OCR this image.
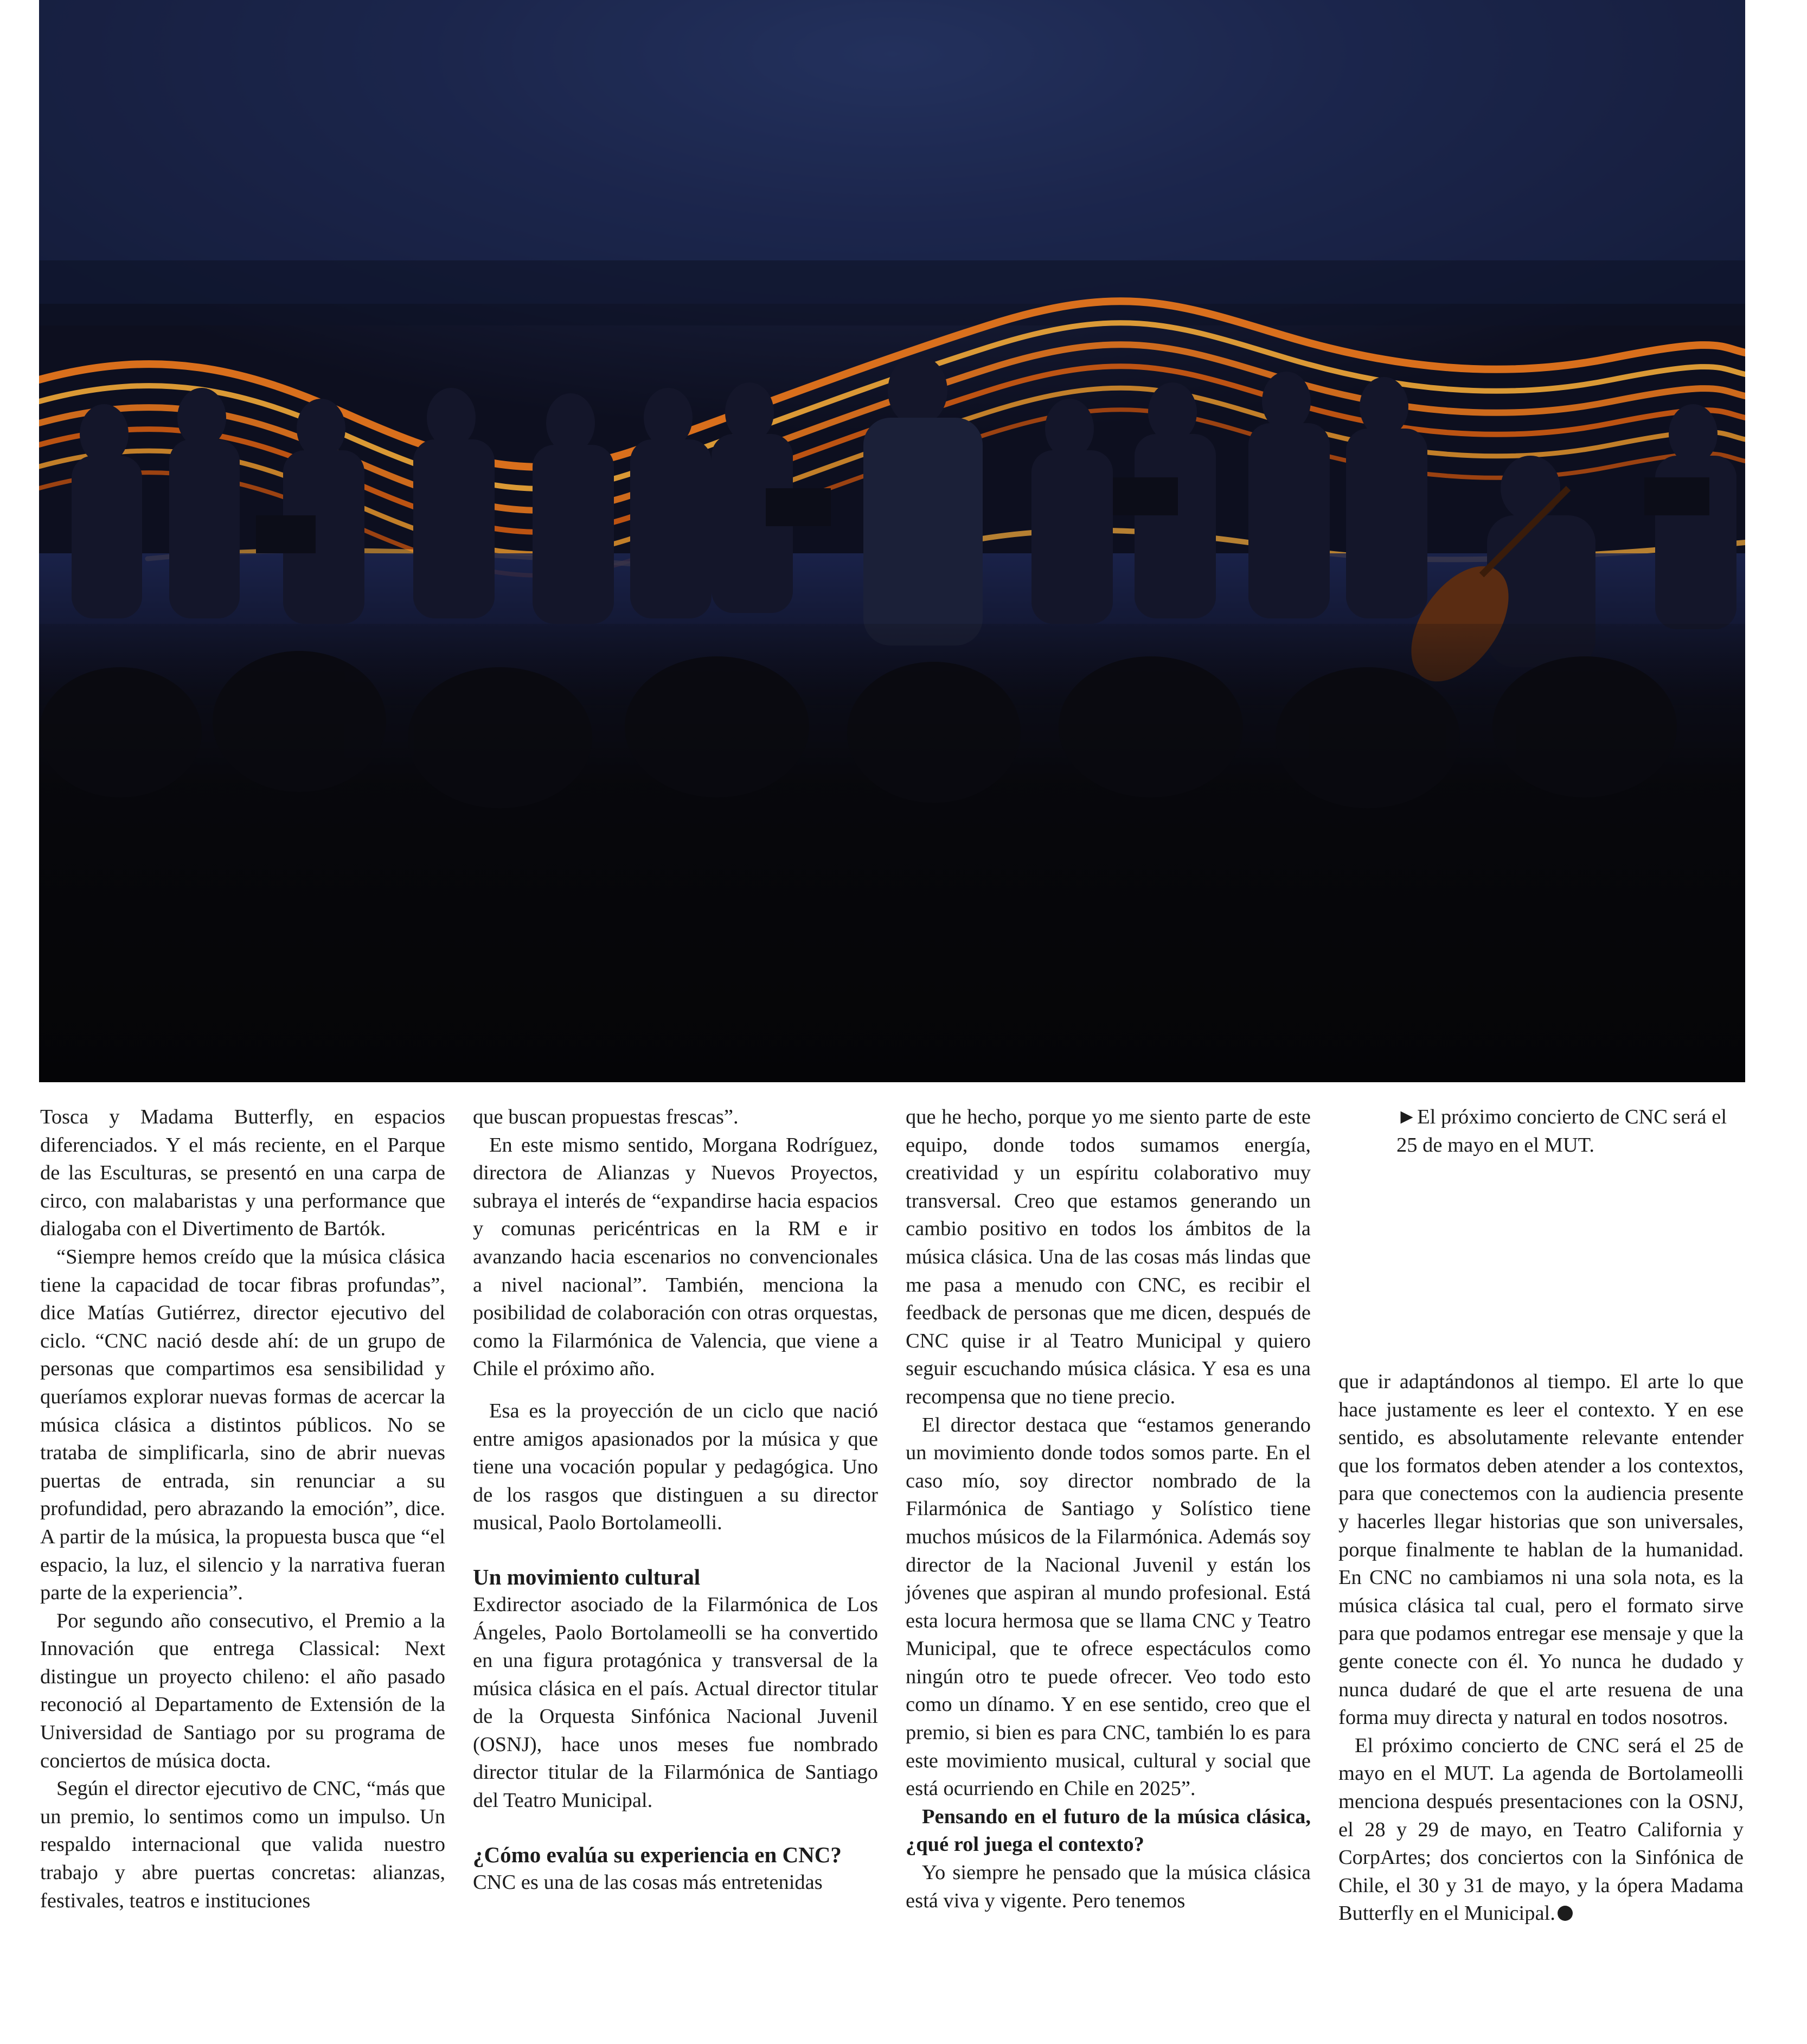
►El próximo concierto de CNC será el 25 de mayo en el MUT.

Tosca y Madama Butterfly, en espacios diferenciados. Y el más reciente, en el Parque de las Esculturas, se presentó en una carpa de circo, con malabaristas y una performance que dialogaba con el Divertimento de Bartók.

“Siempre hemos creído que la música clásica tiene la capacidad de tocar fibras profundas”, dice Matías Gutiérrez, director ejecutivo del ciclo. “CNC nació desde ahí: de un grupo de personas que compartimos esa sensibilidad y queríamos explorar nuevas formas de acercar la música clásica a distintos públicos. No se trataba de simplificarla, sino de abrir nuevas puertas de entrada, sin renunciar a su profundidad, pero abrazando la emoción”, dice. A partir de la música, la propuesta busca que “el espacio, la luz, el silencio y la narrativa fueran parte de la experiencia”.

Por segundo año consecutivo, el Premio a la Innovación que entrega Classical: Next distingue un proyecto chileno: el año pasado reconoció al Departamento de Extensión de la Universidad de Santiago por su programa de conciertos de música docta.

Según el director ejecutivo de CNC, “más que un premio, lo sentimos como un impulso. Un respaldo internacional que valida nuestro trabajo y abre puertas concretas: alianzas, festivales, teatros e instituciones

que buscan propuestas frescas”.

En este mismo sentido, Morgana Rodríguez, directora de Alianzas y Nuevos Proyectos, subraya el interés de “expandirse hacia espacios y comunas pericéntricas en la RM e ir avanzando hacia escenarios no convencionales a nivel nacional”. También, menciona la posibilidad de colaboración con otras orquestas, como la Filarmónica de Valencia, que viene a Chile el próximo año.

Esa es la proyección de un ciclo que nació entre amigos apasionados por la música y que tiene una vocación popular y pedagógica. Uno de los rasgos que distinguen a su director musical, Paolo Bortolameolli.

Un movimiento cultural

Exdirector asociado de la Filarmónica de Los Ángeles, Paolo Bortolameolli se ha convertido en una figura protagónica y transversal de la música clásica en el país. Actual director titular de la Orquesta Sinfónica Nacional Juvenil (OSNJ), hace unos meses fue nombrado director titular de la Filarmónica de Santiago del Teatro Municipal.

¿Cómo evalúa su experiencia en CNC?

CNC es una de las cosas más entretenidas

que he hecho, porque yo me siento parte de este equipo, donde todos sumamos energía, creatividad y un espíritu colaborativo muy transversal. Creo que estamos generando un cambio positivo en todos los ámbitos de la música clásica. Una de las cosas más lindas que me pasa a menudo con CNC, es recibir el feedback de personas que me dicen, después de CNC quise ir al Teatro Municipal y quiero seguir escuchando música clásica. Y esa es una recompensa que no tiene precio.

El director destaca que “estamos generando un movimiento donde todos somos parte. En el caso mío, soy director nombrado de la Filarmónica de Santiago y Solístico tiene muchos músicos de la Filarmónica. Además soy director de la Nacional Juvenil y están los jóvenes que aspiran al mundo profesional. Está esta locura hermosa que se llama CNC y Teatro Municipal, que te ofrece espectáculos como ningún otro te puede ofrecer. Veo todo esto como un dínamo. Y en ese sentido, creo que el premio, si bien es para CNC, también lo es para este movimiento musical, cultural y social que está ocurriendo en Chile en 2025”.

Pensando en el futuro de la música clásica, ¿qué rol juega el contexto?

Yo siempre he pensado que la música clásica está viva y vigente. Pero tenemos

que ir adaptándonos al tiempo. El arte lo que hace justamente es leer el contexto. Y en ese sentido, es absolutamente relevante entender que los formatos deben atender a los contextos, para que conectemos con la audiencia presente y hacerles llegar historias que son universales, porque finalmente te hablan de la humanidad. En CNC no cambiamos ni una sola nota, es la música clásica tal cual, pero el formato sirve para que podamos entregar ese mensaje y que la gente conecte con él. Yo nunca he dudado y nunca dudaré de que el arte resuena de una forma muy directa y natural en todos nosotros.

El próximo concierto de CNC será el 25 de mayo en el MUT. La agenda de Bortolameolli menciona después presentaciones con la OSNJ, el 28 y 29 de mayo, en Teatro California y CorpArtes; dos conciertos con la Sinfónica de Chile, el 30 y 31 de mayo, y la ópera Madama Butterfly en el Municipal.
